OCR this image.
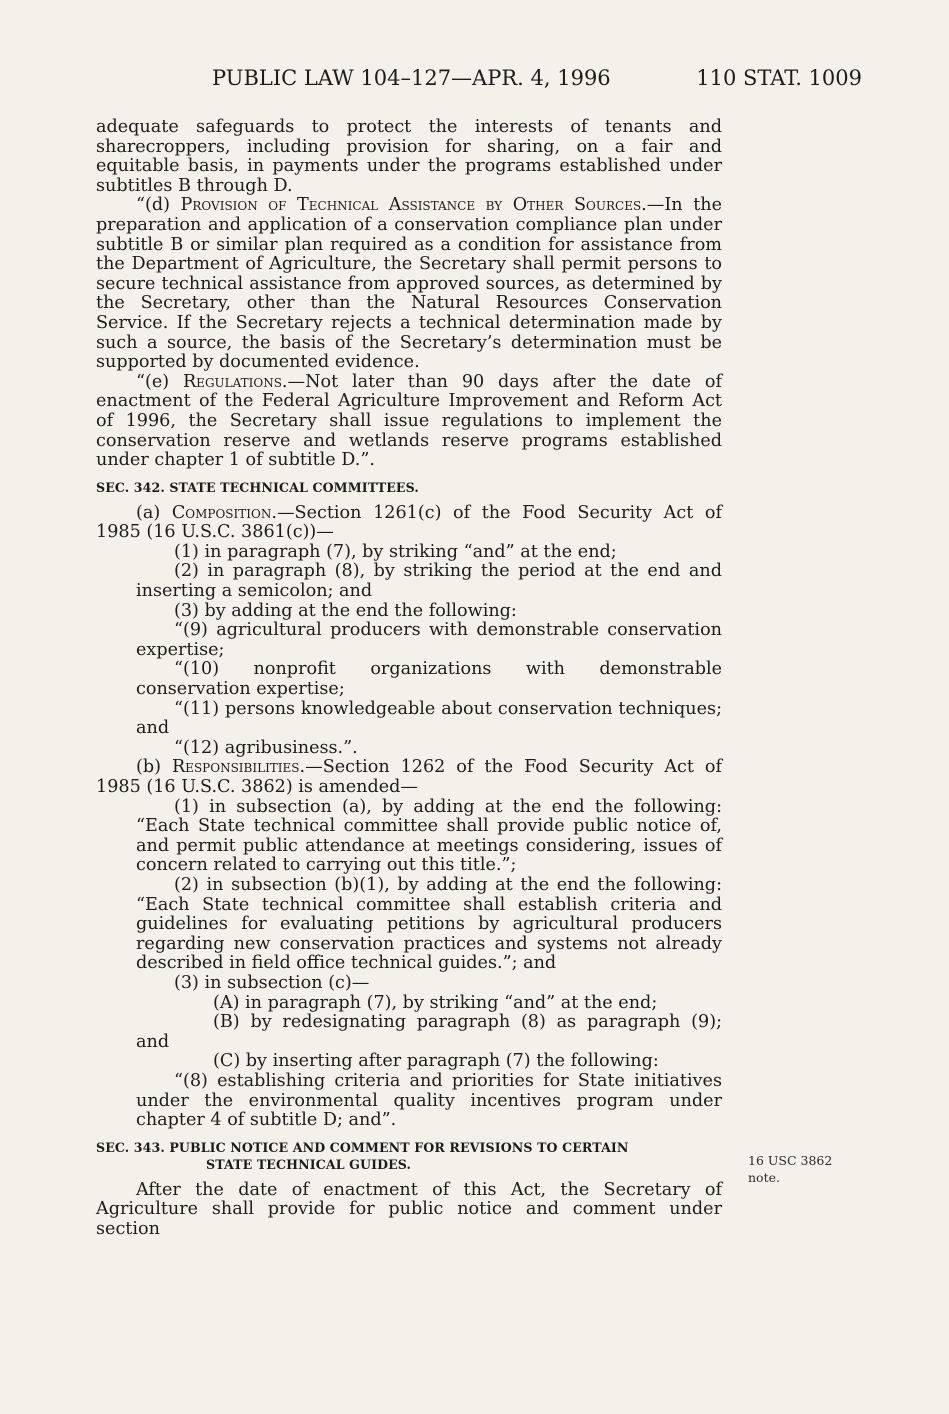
PUBLIC LAW 104–127—APR. 4, 1996	110 STAT. 1009

adequate safeguards to protect the interests of tenants and sharecroppers, including provision for sharing, on a fair and equitable basis, in payments under the programs established under subtitles B through D.

“(d) Provision of Technical Assistance by Other Sources.—In the preparation and application of a conservation compliance plan under subtitle B or similar plan required as a condition for assistance from the Department of Agriculture, the Secretary shall permit persons to secure technical assistance from approved sources, as determined by the Secretary, other than the Natural Resources Conservation Service. If the Secretary rejects a technical determination made by such a source, the basis of the Secretary’s determination must be supported by documented evidence.

“(e) Regulations.—Not later than 90 days after the date of enactment of the Federal Agriculture Improvement and Reform Act of 1996, the Secretary shall issue regulations to implement the conservation reserve and wetlands reserve programs established under chapter 1 of subtitle D.”.

SEC. 342. STATE TECHNICAL COMMITTEES.

(a) Composition.—Section 1261(c) of the Food Security Act of 1985 (16 U.S.C. 3861(c))—

(1) in paragraph (7), by striking “and” at the end;

(2) in paragraph (8), by striking the period at the end and inserting a semicolon; and

(3) by adding at the end the following:

“(9) agricultural producers with demonstrable conservation expertise;

“(10) nonprofit organizations with demonstrable conservation expertise;

“(11) persons knowledgeable about conservation techniques; and

“(12) agribusiness.”.

(b) Responsibilities.—Section 1262 of the Food Security Act of 1985 (16 U.S.C. 3862) is amended—

(1) in subsection (a), by adding at the end the following: “Each State technical committee shall provide public notice of, and permit public attendance at meetings considering, issues of concern related to carrying out this title.”;

(2) in subsection (b)(1), by adding at the end the following: “Each State technical committee shall establish criteria and guidelines for evaluating petitions by agricultural producers regarding new conservation practices and systems not already described in field office technical guides.”; and

(3) in subsection (c)—

(A) in paragraph (7), by striking “and” at the end;

(B) by redesignating paragraph (8) as paragraph (9); and

(C) by inserting after paragraph (7) the following:

“(8) establishing criteria and priorities for State initiatives under the environmental quality incentives program under chapter 4 of subtitle D; and”.

SEC. 343. PUBLIC NOTICE AND COMMENT FOR REVISIONS TO CERTAIN
STATE TECHNICAL GUIDES.

After the date of enactment of this Act, the Secretary of Agriculture shall provide for public notice and comment under section

16 USC 3862
note.
